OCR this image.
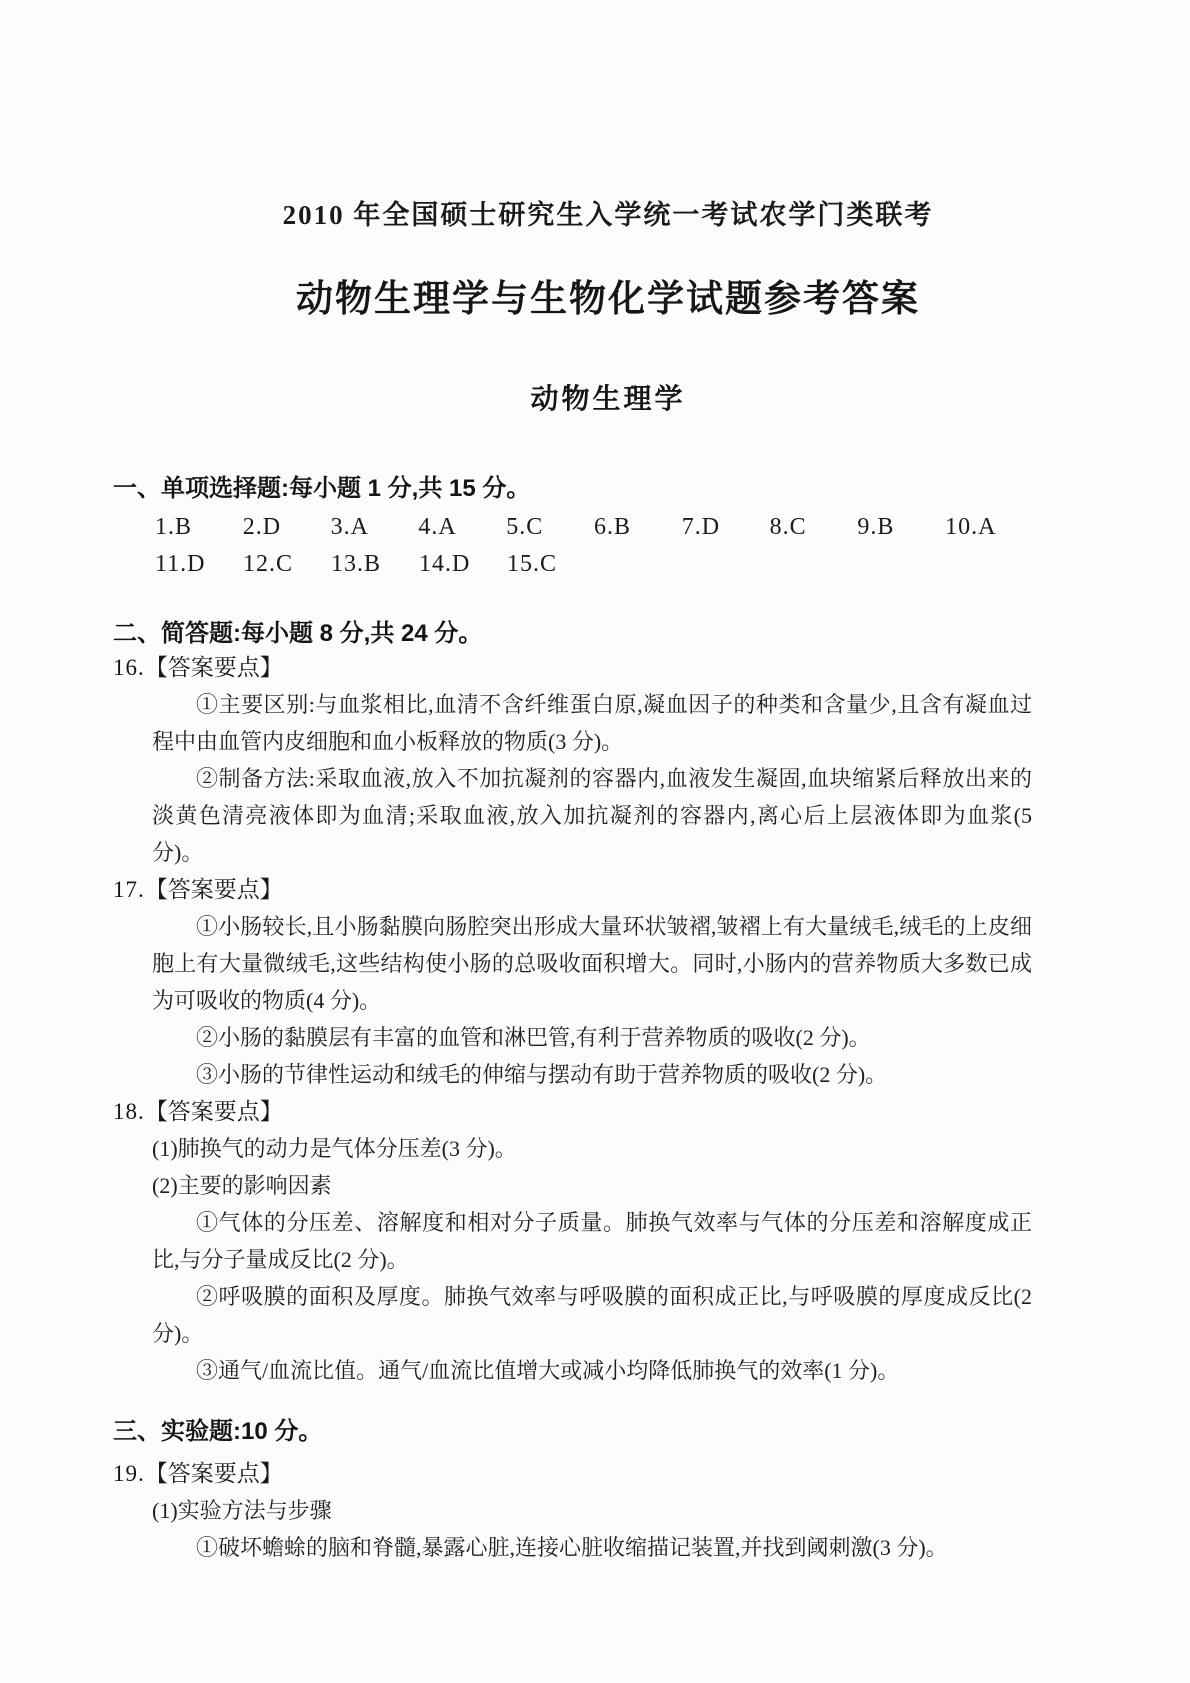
2010 年全国硕士研究生入学统一考试农学门类联考
动物生理学与生物化学试题参考答案
动物生理学
一、单项选择题:每小题 1 分,共 15 分。
1.B	2.D	3.A	4.A	5.C	6.B	7.D	8.C	9.B	10.A
11.D	12.C	13.B	14.D	15.C
二、简答题:每小题 8 分,共 24 分。
16.【答案要点】

①主要区别:与血浆相比,血清不含纤维蛋白原,凝血因子的种类和含量少,且含有凝血过程中由血管内皮细胞和血小板释放的物质(3 分)。

②制备方法:采取血液,放入不加抗凝剂的容器内,血液发生凝固,血块缩紧后释放出来的淡黄色清亮液体即为血清;采取血液,放入加抗凝剂的容器内,离心后上层液体即为血浆(5 分)。

17.【答案要点】

①小肠较长,且小肠黏膜向肠腔突出形成大量环状皱褶,皱褶上有大量绒毛,绒毛的上皮细胞上有大量微绒毛,这些结构使小肠的总吸收面积增大。同时,小肠内的营养物质大多数已成为可吸收的物质(4 分)。

②小肠的黏膜层有丰富的血管和淋巴管,有利于营养物质的吸收(2 分)。

③小肠的节律性运动和绒毛的伸缩与摆动有助于营养物质的吸收(2 分)。

18.【答案要点】

(1)肺换气的动力是气体分压差(3 分)。

(2)主要的影响因素

①气体的分压差、溶解度和相对分子质量。肺换气效率与气体的分压差和溶解度成正比,与分子量成反比(2 分)。

②呼吸膜的面积及厚度。肺换气效率与呼吸膜的面积成正比,与呼吸膜的厚度成反比(2 分)。

③通气/血流比值。通气/血流比值增大或减小均降低肺换气的效率(1 分)。

三、实验题:10 分。
19.【答案要点】

(1)实验方法与步骤

①破坏蟾蜍的脑和脊髓,暴露心脏,连接心脏收缩描记装置,并找到阈刺激(3 分)。
